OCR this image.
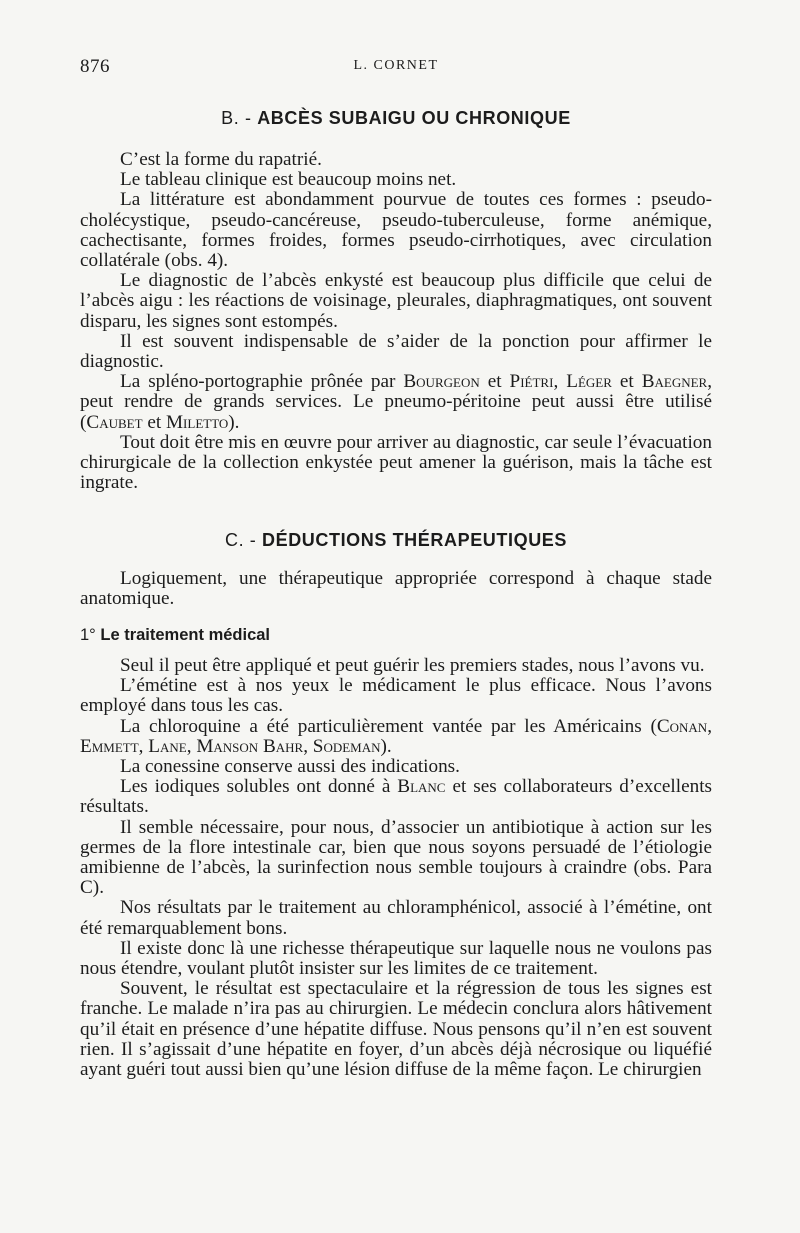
876	L. CORNET
B. - ABCÈS SUBAIGU OU CHRONIQUE

C’est la forme du rapatrié.

Le tableau clinique est beaucoup moins net.

La littérature est abondamment pourvue de toutes ces formes : pseudo-cholécystique, pseudo-cancéreuse, pseudo-tuberculeuse, forme anémique, cachectisante, formes froides, formes pseudo-cirrhotiques, avec circulation collatérale (obs. 4).

Le diagnostic de l’abcès enkysté est beaucoup plus difficile que celui de l’abcès aigu : les réactions de voisinage, pleurales, diaphragmatiques, ont souvent disparu, les signes sont estompés.

Il est souvent indispensable de s’aider de la ponction pour affirmer le diagnostic.

La spléno-portographie prônée par Bourgeon et Piétri, Léger et Baegner, peut rendre de grands services. Le pneumo-péritoine peut aussi être utilisé (Caubet et Miletto).

Tout doit être mis en œuvre pour arriver au diagnostic, car seule l’évacuation chirurgicale de la collection enkystée peut amener la guérison, mais la tâche est ingrate.

C. - DÉDUCTIONS THÉRAPEUTIQUES

Logiquement, une thérapeutique appropriée correspond à chaque stade anatomique.

1° Le traitement médical

Seul il peut être appliqué et peut guérir les premiers stades, nous l’avons vu.

L’émétine est à nos yeux le médicament le plus efficace. Nous l’avons employé dans tous les cas.

La chloroquine a été particulièrement vantée par les Américains (Conan, Emmett, Lane, Manson Bahr, Sodeman).

La conessine conserve aussi des indications.

Les iodiques solubles ont donné à Blanc et ses collaborateurs d’excellents résultats.

Il semble nécessaire, pour nous, d’associer un antibiotique à action sur les germes de la flore intestinale car, bien que nous soyons persuadé de l’étiologie amibienne de l’abcès, la surinfection nous semble toujours à craindre (obs. Para C).

Nos résultats par le traitement au chloramphénicol, associé à l’émétine, ont été remarquablement bons.

Il existe donc là une richesse thérapeutique sur laquelle nous ne voulons pas nous étendre, voulant plutôt insister sur les limites de ce traitement.

Souvent, le résultat est spectaculaire et la régression de tous les signes est franche. Le malade n’ira pas au chirurgien. Le médecin conclura alors hâtivement qu’il était en présence d’une hépatite diffuse. Nous pensons qu’il n’en est souvent rien. Il s’agissait d’une hépatite en foyer, d’un abcès déjà nécrosique ou liquéfié ayant guéri tout aussi bien qu’une lésion diffuse de la même façon. Le chirurgien
